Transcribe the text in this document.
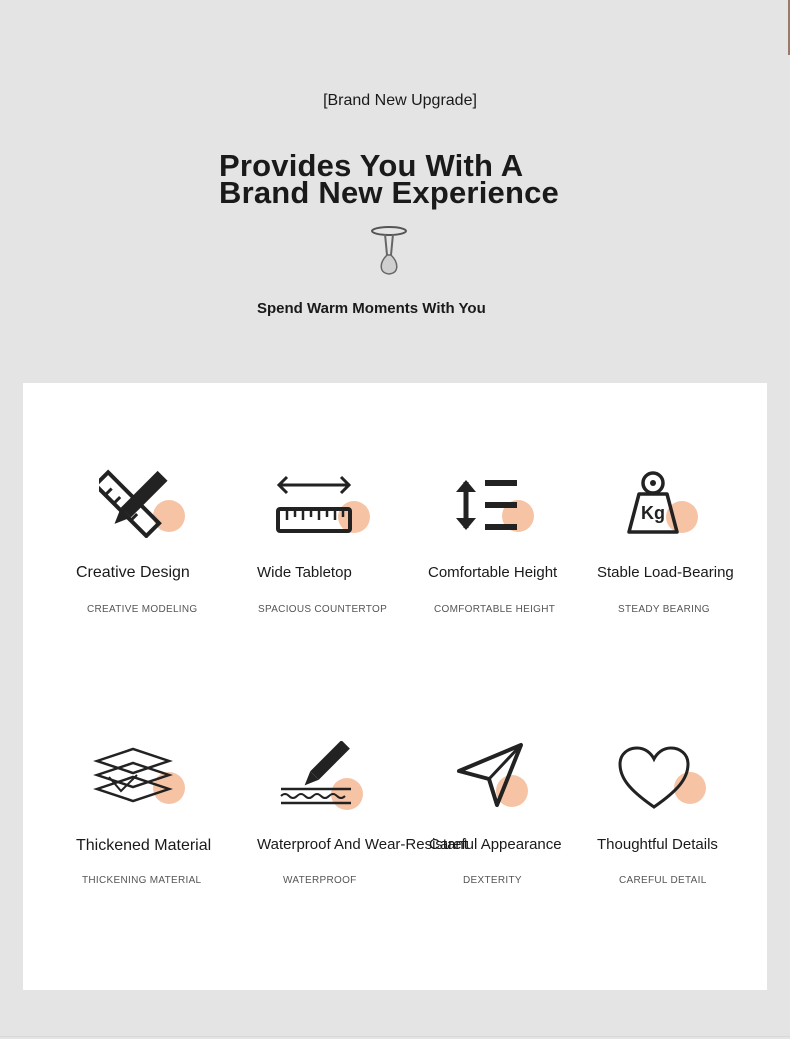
[Brand New Upgrade]
Provides You With A
Brand New Experience
Spend Warm Moments With You
Creative Design
CREATIVE MODELING
Wide Tabletop
SPACIOUS COUNTERTOP
Comfortable Height
COMFORTABLE HEIGHT
Kg
Stable Load-Bearing
STEADY BEARING
Thickened Material
THICKENING MATERIAL
Waterproof And Wear-Resistant
WATERPROOF
Careful Appearance
DEXTERITY
Thoughtful Details
CAREFUL DETAIL
